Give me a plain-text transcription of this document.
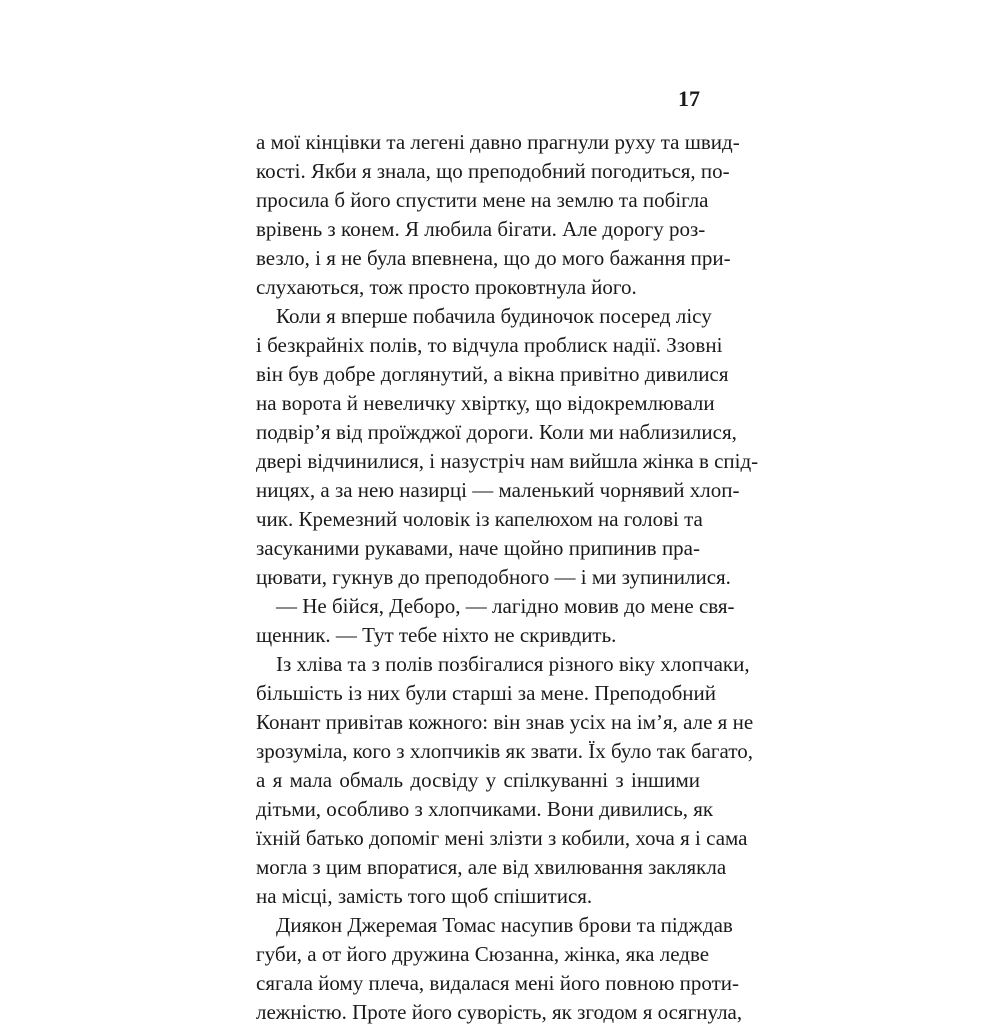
17
а мої кінцівки та легені давно прагнули руху та швид-
кості. Якби я знала, що преподобний погодиться, по-
просила б його спустити мене на землю та побігла
врівень з конем. Я любила бігати. Але дорогу роз-
везло, і я не була впевнена, що до мого бажання при-
слухаються, тож просто проковтнула його.
Коли я вперше побачила будиночок посеред лісу
і безкрайніх полів, то відчула проблиск надії. Ззовні
він був добре доглянутий, а вікна привітно дивилися
на ворота й невеличку хвіртку, що відокремлювали
подвір’я від проїжджої дороги. Коли ми наблизилися,
двері відчинилися, і назустріч нам вийшла жінка в спід-
ницях, а за нею назирці — маленький чорнявий хлоп-
чик. Кремезний чоловік із капелюхом на голові та
засуканими рукавами, наче щойно припинив пра-
цювати, гукнув до преподобного — і ми зупинилися.
— Не бійся, Деборо, — лагідно мовив до мене свя-
щенник. — Тут тебе ніхто не скривдить.
Із хліва та з полів позбігалися різного віку хлопчаки,
більшість із них були старші за мене. Преподобний
Конант привітав кожного: він знав усіх на ім’я, але я не
зрозуміла, кого з хлопчиків як звати. Їх було так багато,
а я мала обмаль досвіду у спілкуванні з іншими
дітьми, особливо з хлопчиками. Вони дивились, як
їхній батько допоміг мені злізти з кобили, хоча я і сама
могла з цим впоратися, але від хвилювання заклякла
на місці, замість того щоб спішитися.
Диякон Джеремая Томас насупив брови та підждав
губи, а от його дружина Сюзанна, жінка, яка ледве
сягала йому плеча, видалася мені його повною проти-
лежністю. Проте його суворість, як згодом я осягнула,
